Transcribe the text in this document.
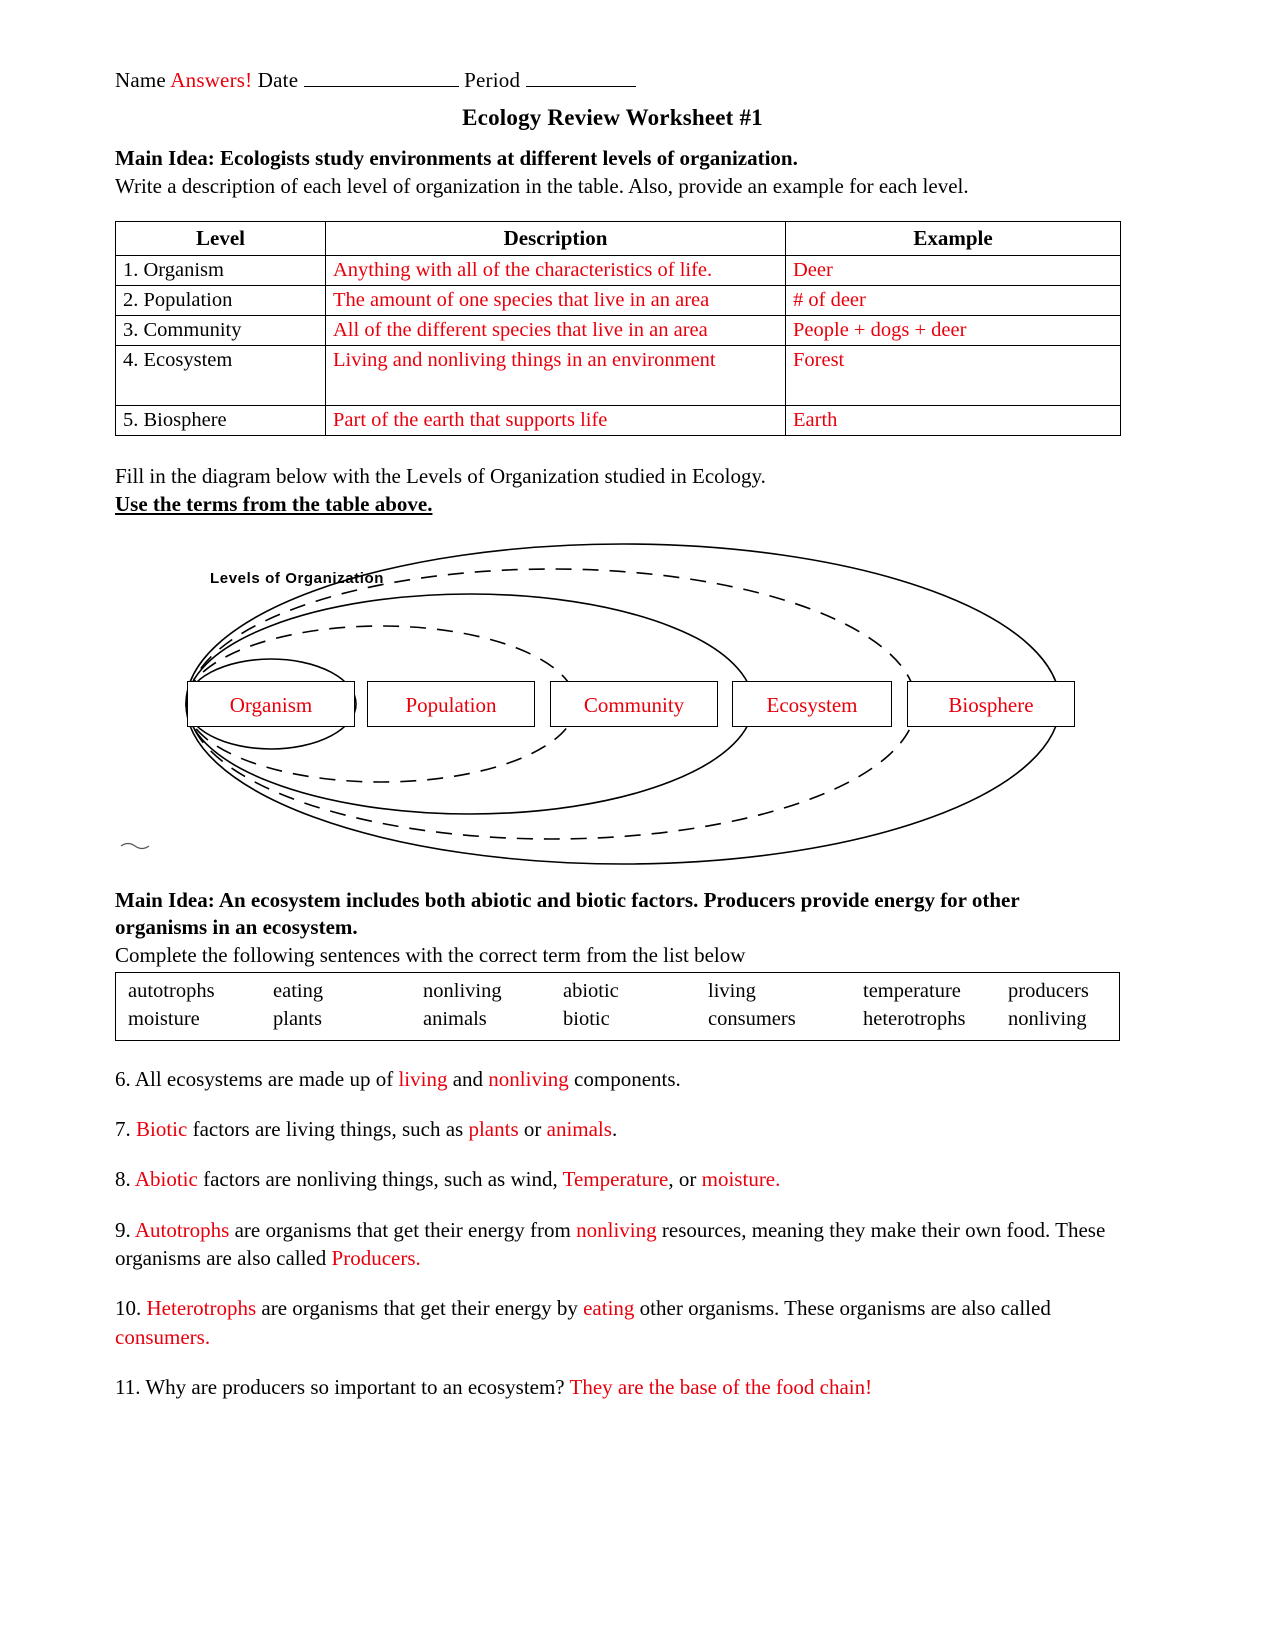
Name Answers! Date	Period
Ecology Review Worksheet #1
Main Idea: Ecologists study environments at different levels of organization.
Write a description of each level of organization in the table. Also, provide an example for each level.
Level	Description	Example
1. Organism	Anything with all of the characteristics of life.	Deer
2. Population	The amount of one species that live in an area	# of deer
3. Community	All of the different species that live in an area	People + dogs + deer
4. Ecosystem	Living and nonliving things in an environment	Forest
5. Biosphere	Part of the earth that supports life	Earth
Fill in the diagram below with the Levels of Organization studied in Ecology.
Use the terms from the table above.
Levels of Organization
Organism	Population	Community	Ecosystem	Biosphere
Main Idea: An ecosystem includes both abiotic and biotic factors. Producers provide energy for other organisms in an ecosystem.
Complete the following sentences with the correct term from the list below
autotrophs	eating	nonliving	abiotic	living	temperature	producers
moisture	plants	animals	biotic	consumers	heterotrophs	nonliving
6. All ecosystems are made up of living and nonliving components.
7. Biotic factors are living things, such as plants or animals.
8. Abiotic factors are nonliving things, such as wind, Temperature, or moisture.
9. Autotrophs are organisms that get their energy from nonliving resources, meaning they make their own food. These organisms are also called Producers.
10. Heterotrophs are organisms that get their energy by eating other organisms. These organisms are also called consumers.
11. Why are producers so important to an ecosystem? They are the base of the food chain!
